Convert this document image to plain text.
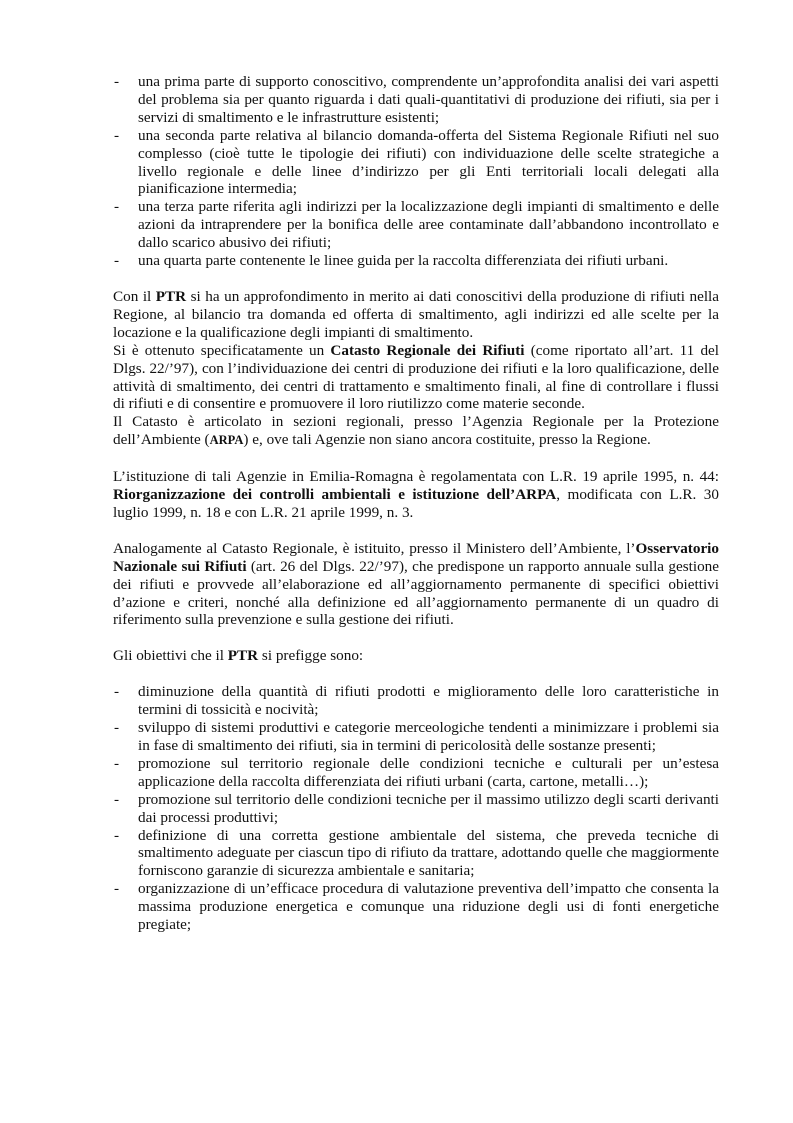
- una prima parte di supporto conoscitivo, comprendente un’approfondita analisi dei vari aspetti del problema sia per quanto riguarda i dati quali-quantitativi di produzione dei rifiuti, sia per i servizi di smaltimento e le infrastrutture esistenti;
- una seconda parte relativa al bilancio domanda-offerta del Sistema Regionale Rifiuti nel suo complesso (cioè tutte le tipologie dei rifiuti) con individuazione delle scelte strategiche a livello regionale e delle linee d’indirizzo per gli Enti territoriali locali delegati alla pianificazione intermedia;
- una terza parte riferita agli indirizzi per la localizzazione degli impianti di smaltimento e delle azioni da intraprendere per la bonifica delle aree contaminate dall’abbandono incontrollato e dallo scarico abusivo dei rifiuti;
- una quarta parte contenente le linee guida per la raccolta differenziata dei rifiuti urbani.

Con il PTR si ha un approfondimento in merito ai dati conoscitivi della produzione di rifiuti nella Regione, al bilancio tra domanda ed offerta di smaltimento, agli indirizzi ed alle scelte per la locazione e la qualificazione degli impianti di smaltimento.

Si è ottenuto specificatamente un Catasto Regionale dei Rifiuti (come riportato all’art. 11 del Dlgs. 22/’97), con l’individuazione dei centri di produzione dei rifiuti e la loro qualificazione, delle attività di smaltimento, dei centri di trattamento e smaltimento finali, al fine di controllare i flussi di rifiuti e di consentire e promuovere il loro riutilizzo come materie seconde.

Il Catasto è articolato in sezioni regionali, presso l’Agenzia Regionale per la Protezione dell’Ambiente (ARPA) e, ove tali Agenzie non siano ancora costituite, presso la Regione.

L’istituzione di tali Agenzie in Emilia-Romagna è regolamentata con L.R. 19 aprile 1995, n. 44: Riorganizzazione dei controlli ambientali e istituzione dell’ARPA, modificata con L.R. 30 luglio 1999, n. 18 e con L.R. 21 aprile 1999, n. 3.

Analogamente al Catasto Regionale, è istituito, presso il Ministero dell’Ambiente, l’Osservatorio Nazionale sui Rifiuti (art. 26 del Dlgs. 22/’97), che predispone un rapporto annuale sulla gestione dei rifiuti e provvede all’elaborazione ed all’aggiornamento permanente di specifici obiettivi d’azione e criteri, nonché alla definizione ed all’aggiornamento permanente di un quadro di riferimento sulla prevenzione e sulla gestione dei rifiuti.

Gli obiettivi che il PTR si prefigge sono:

- diminuzione della quantità di rifiuti prodotti e miglioramento delle loro caratteristiche in termini di tossicità e nocività;
- sviluppo di sistemi produttivi e categorie merceologiche tendenti a minimizzare i problemi sia in fase di smaltimento dei rifiuti, sia in termini di pericolosità delle sostanze presenti;
- promozione sul territorio regionale delle condizioni tecniche e culturali per un’estesa applicazione della raccolta differenziata dei rifiuti urbani (carta, cartone, metalli…);
- promozione sul territorio delle condizioni tecniche per il massimo utilizzo degli scarti derivanti dai processi produttivi;
- definizione di una corretta gestione ambientale del sistema, che preveda tecniche di smaltimento adeguate per ciascun tipo di rifiuto da trattare, adottando quelle che maggiormente forniscono garanzie di sicurezza ambientale e sanitaria;
- organizzazione di un’efficace procedura di valutazione preventiva dell’impatto che consenta la massima produzione energetica e comunque una riduzione degli usi di fonti energetiche pregiate;
